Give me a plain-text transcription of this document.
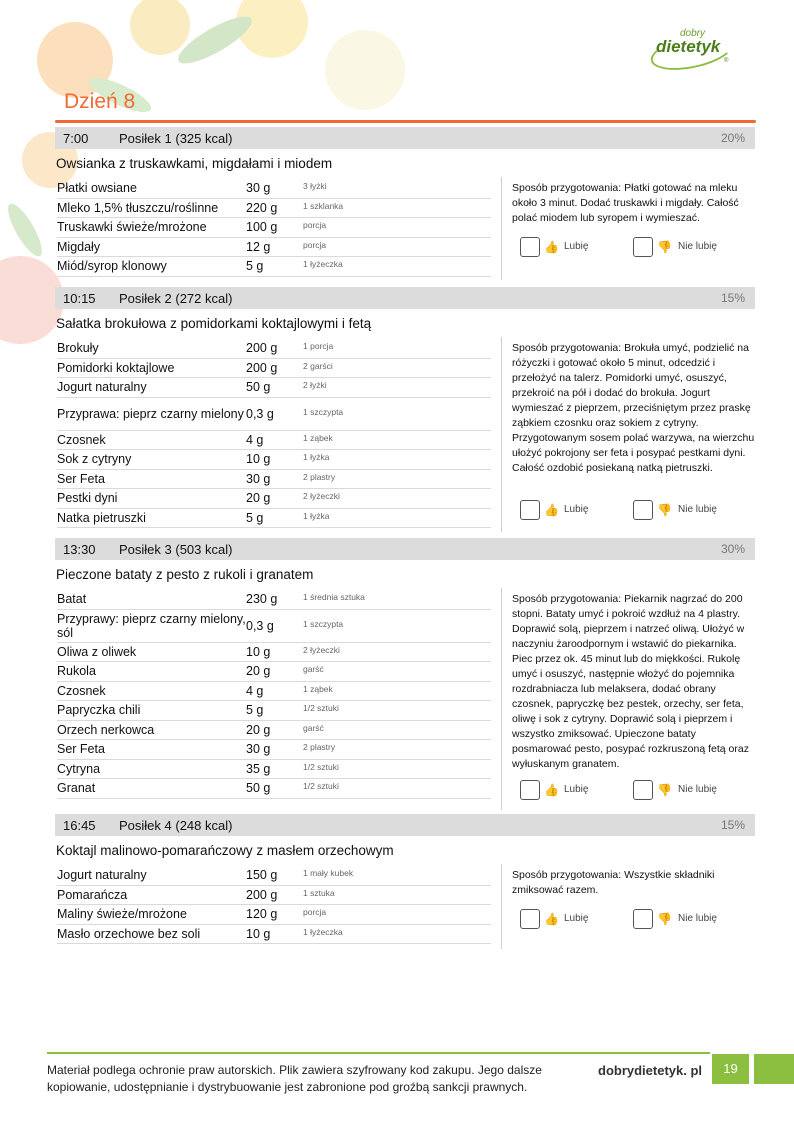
dobry
dietetyk
®
Dzień 8
7:00 Posiłek 1 (325 kcal)	20%
Owsianka z truskawkami, migdałami i miodem
Płatki owsiane	30 g	3 łyżki
Mleko 1,5% tłuszczu/roślinne	220 g	1 szklanka
Truskawki świeże/mrożone	100 g	porcja
Migdały	12 g	porcja
Miód/syrop klonowy	5 g	1 łyżeczka
Sposób przygotowania: Płatki gotować na mleku około 3 minut. Dodać truskawki i migdały. Całość polać miodem lub syropem i wymieszać.
👍 Lubię	👎 Nie lubię
10:15 Posiłek 2 (272 kcal)	15%
Sałatka brokułowa z pomidorkami koktajlowymi i fetą
Brokuły	200 g	1 porcja
Pomidorki koktajlowe	200 g	2 garści
Jogurt naturalny	50 g	2 łyżki
Przyprawa: pieprz czarny mielony 0,3 g	1 szczypta
Czosnek	4 g	1 ząbek
Sok z cytryny	10 g	1 łyżka
Ser Feta	30 g	2 plastry
Pestki dyni	20 g	2 łyżeczki
Natka pietruszki	5 g	1 łyżka
Sposób przygotowania: Brokuła umyć, podzielić na różyczki i gotować około 5 minut, odcedzić i przełożyć na talerz. Pomidorki umyć, osuszyć, przekroić na pół i dodać do brokuła. Jogurt wymieszać z pieprzem, przeciśniętym przez praskę ząbkiem czosnku oraz sokiem z cytryny. Przygotowanym sosem polać warzywa, na wierzchu ułożyć pokrojony ser feta i posypać pestkami dyni. Całość ozdobić posiekaną natką pietruszki.
👍 Lubię	👎 Nie lubię
13:30 Posiłek 3 (503 kcal)	30%
Pieczone bataty z pesto z rukoli i granatem
Batat	230 g	1 średnia sztuka
Przyprawy: pieprz czarny mielony, sól	0,3 g	1 szczypta
Oliwa z oliwek	10 g	2 łyżeczki
Rukola	20 g	garść
Czosnek	4 g	1 ząbek
Papryczka chili	5 g	1/2 sztuki
Orzech nerkowca	20 g	garść
Ser Feta	30 g	2 plastry
Cytryna	35 g	1/2 sztuki
Granat	50 g	1/2 sztuki
Sposób przygotowania: Piekarnik nagrzać do 200 stopni. Bataty umyć i pokroić wzdłuż na 4 plastry. Doprawić solą, pieprzem i natrzeć oliwą. Ułożyć w naczyniu żaroodpornym i wstawić do piekarnika. Piec przez ok. 45 minut lub do miękkości. Rukolę umyć i osuszyć, następnie włożyć do pojemnika rozdrabniacza lub melaksera, dodać obrany czosnek, papryczkę bez pestek, orzechy, ser feta, oliwę i sok z cytryny. Doprawić solą i pieprzem i wszystko zmiksować. Upieczone bataty posmarować pesto, posypać rozkruszoną fetą oraz wyłuskanym granatem.
👍 Lubię	👎 Nie lubię
16:45 Posiłek 4 (248 kcal)	15%
Koktajl malinowo-pomarańczowy z masłem orzechowym
Jogurt naturalny	150 g	1 mały kubek
Pomarańcza	200 g	1 sztuka
Maliny świeże/mrożone	120 g	porcja
Masło orzechowe bez soli	10 g	1 łyżeczka
Sposób przygotowania: Wszystkie składniki zmiksować razem.
👍 Lubię	👎 Nie lubię
Materiał podlega ochronie praw autorskich. Plik zawiera szyfrowany kod zakupu. Jego dalsze kopiowanie, udostępnianie i dystrybuowanie jest zabronione pod groźbą sankcji prawnych.
dobrydietetyk. pl	19
